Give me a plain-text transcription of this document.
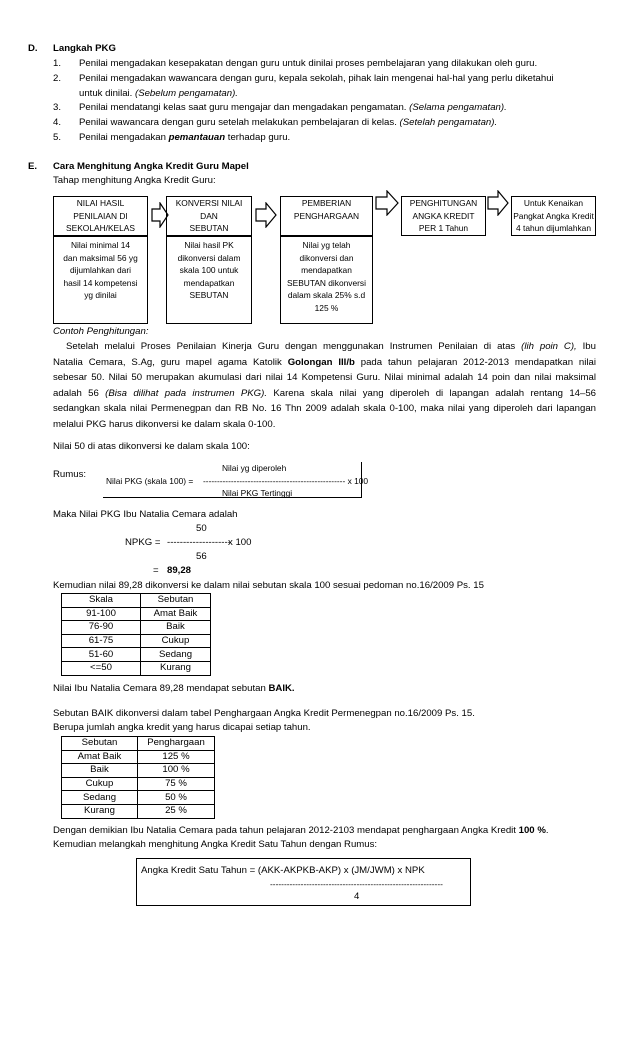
D. Langkah PKG
1. Penilai mengadakan kesepakatan dengan guru untuk dinilai proses pembelajaran yang dilakukan oleh guru.
2. Penilai mengadakan wawancara dengan guru, kepala sekolah, pihak lain mengenai hal-hal yang perlu diketahui
untuk dinilai. (Sebelum pengamatan).
3. Penilai mendatangi kelas saat guru mengajar dan mengadakan pengamatan. (Selama pengamatan).
4. Penilai wawancara dengan guru setelah melakukan pembelajaran di kelas. (Setelah pengamatan).
5. Penilai mengadakan pemantauan terhadap guru.
E. Cara Menghitung Angka Kredit Guru Mapel
Tahap menghitung Angka Kredit Guru:
NILAI HASIL
PENILAIAN DI
SEKOLAH/KELAS
Nilai minimal 14
dan maksimal 56 yg
dijumlahkan dari
hasil 14 kompetensi
yg dinilai
KONVERSI NILAI DAN
SEBUTAN
Nilai hasil PK
dikonversi dalam
skala 100 untuk
mendapatkan
SEBUTAN
PEMBERIAN
PENGHARGAAN
Nilai yg telah
dikonversi dan
mendapatkan
SEBUTAN dikonversi
dalam skala 25% s.d
125 %
PENGHITUNGAN
ANGKA KREDIT
PER 1 Tahun
Untuk Kenaikan
Pangkat Angka Kredit
4 tahun dijumlahkan
Contoh Penghitungan:
Setelah melalui Proses Penilaian Kinerja Guru dengan menggunakan Instrumen Penilaian di atas (lih poin C), Ibu
Natalia Cemara, S.Ag, guru mapel agama Katolik Golongan III/b pada tahun pelajaran 2012-2013 mendapatkan nilai
sebesar 50. Nilai 50 merupakan akumulasi dari nilai 14 Kompetensi Guru. Nilai minimal adalah 14 poin dan nilai maksimal
adalah 56 (Bisa dilihat pada instrumen PKG). Karena skala nilai yang diperoleh di lapangan adalah rentang 14–56
sedangkan skala nilai Permenegpan dan RB No. 16 Thn 2009 adalah skala 0-100, maka nilai yang diperoleh dari lapangan
melalui PKG harus dikonversi ke dalam skala 0-100.
Nilai 50 di atas dikonversi ke dalam skala 100:
Rumus:
Nilai yg diperoleh
Nilai PKG (skala 100) = --------------------------------------------------- x 100
Nilai PKG Tertinggi
Maka Nilai PKG Ibu Natalia Cemara adalah
50
NPKG = --------------------
x 100
56
= 89,28
Kemudian nilai 89,28 dikonversi ke dalam nilai sebutan skala 100 sesuai pedoman no.16/2009 Ps. 15
Skala	Sebutan
91-100	Amat Baik
76-90	Baik
61-75	Cukup
51-60	Sedang
<=50	Kurang
Nilai Ibu Natalia Cemara 89,28 mendapat sebutan BAIK.
Sebutan BAIK dikonversi dalam tabel Penghargaan Angka Kredit Permenegpan no.16/2009 Ps. 15.
Berupa jumlah angka kredit yang harus dicapai setiap tahun.
Sebutan	Penghargaan
Amat Baik	125 %
Baik	100 %
Cukup	75 %
Sedang	50 %
Kurang	25 %
Dengan demikian Ibu Natalia Cemara pada tahun pelajaran 2012-2103 mendapat penghargaan Angka Kredit 100 %.
Kemudian melangkah menghitung Angka Kredit Satu Tahun dengan Rumus:
Angka Kredit Satu Tahun = (AKK-AKPKB-AKP) x (JM/JWM) x NPK
--------------------------------------------------------------
4
